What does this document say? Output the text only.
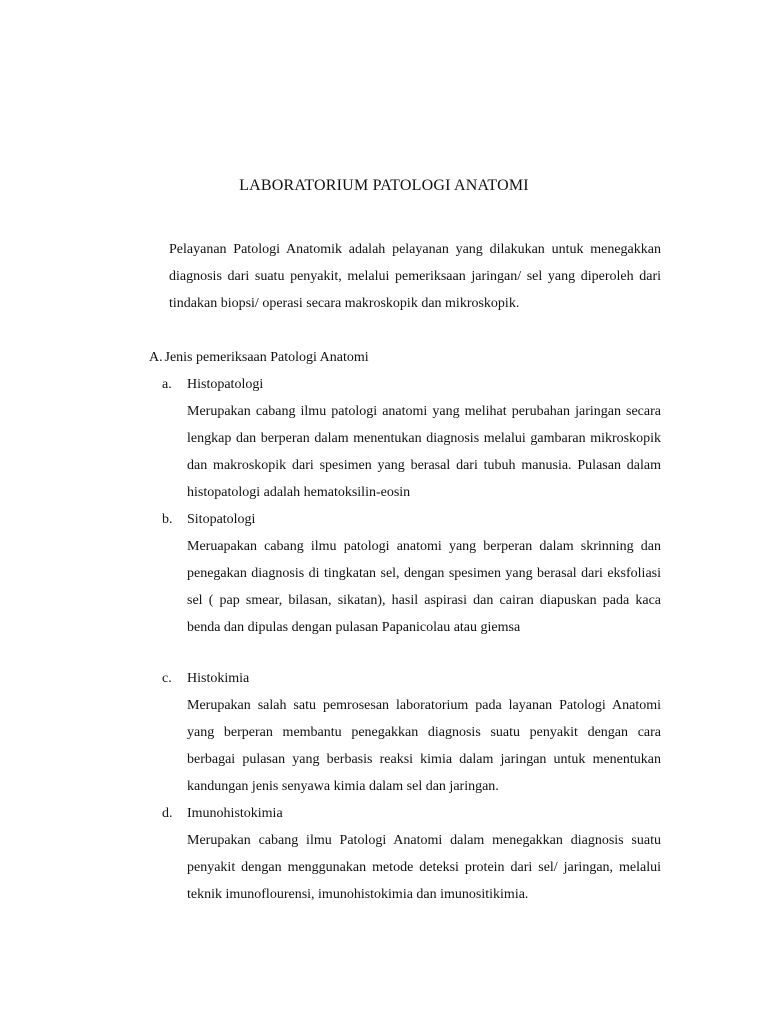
LABORATORIUM PATOLOGI ANATOMI
Pelayanan Patologi Anatomik adalah pelayanan yang dilakukan untuk menegakkan diagnosis dari suatu penyakit, melalui pemeriksaan jaringan/ sel yang diperoleh dari tindakan biopsi/ operasi secara makroskopik dan mikroskopik.
A. Jenis pemeriksaan Patologi Anatomi
a. Histopatologi
Merupakan cabang ilmu patologi anatomi yang melihat perubahan jaringan secara lengkap dan berperan dalam menentukan diagnosis melalui gambaran mikroskopik dan makroskopik dari spesimen yang berasal dari tubuh manusia. Pulasan dalam histopatologi adalah hematoksilin-eosin
b. Sitopatologi
Meruapakan cabang ilmu patologi anatomi yang berperan dalam skrinning dan penegakan diagnosis di tingkatan sel, dengan spesimen yang berasal dari eksfoliasi sel ( pap smear, bilasan, sikatan), hasil aspirasi dan cairan diapuskan pada kaca benda dan dipulas dengan pulasan Papanicolau atau giemsa
c. Histokimia
Merupakan salah satu pemrosesan laboratorium pada layanan Patologi Anatomi yang berperan membantu penegakkan diagnosis suatu penyakit dengan cara berbagai pulasan yang berbasis reaksi kimia dalam jaringan untuk menentukan kandungan jenis senyawa kimia dalam sel dan jaringan.
d. Imunohistokimia
Merupakan cabang ilmu Patologi Anatomi dalam menegakkan diagnosis suatu penyakit dengan menggunakan metode deteksi protein dari sel/ jaringan, melalui teknik imunoflourensi, imunohistokimia dan imunositikimia.
